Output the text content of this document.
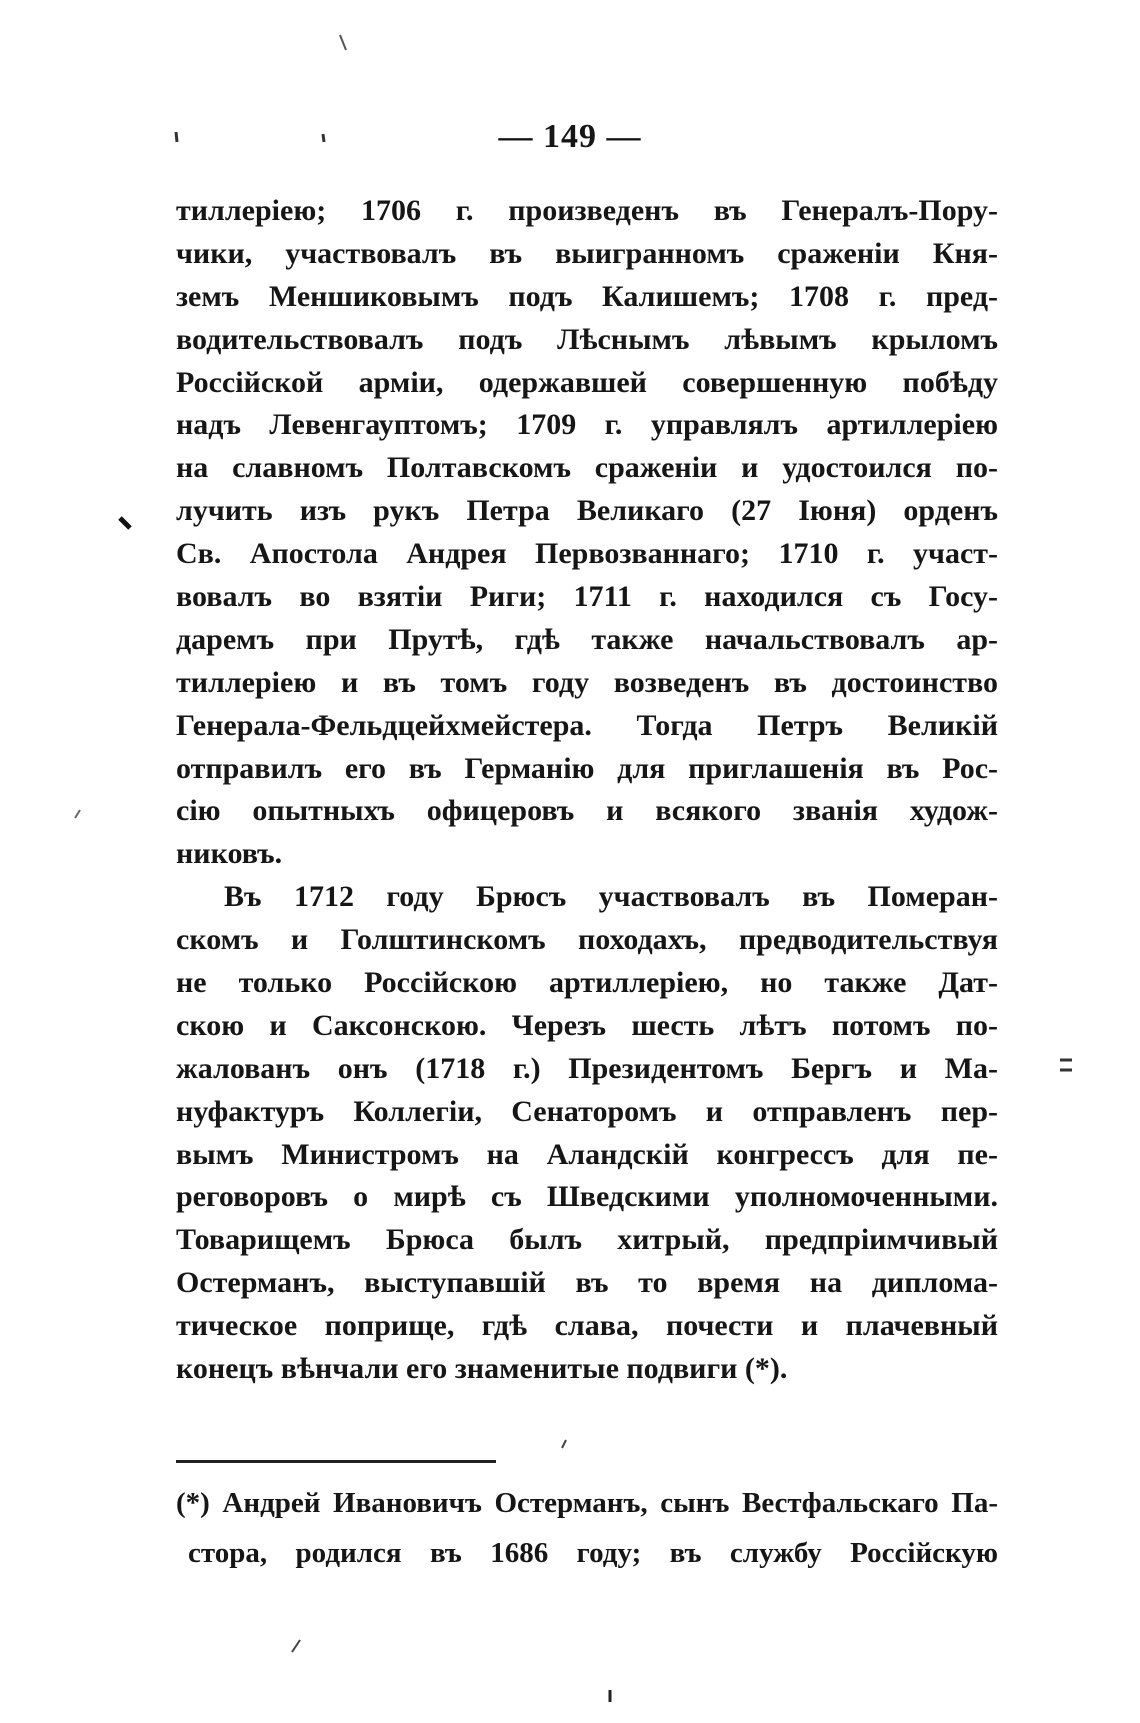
— 149 —
тиллеріею; 1706 г. произведенъ въ Генералъ-Пору-
чики, участвовалъ въ выигранномъ сраженіи Кня-
земъ Меншиковымъ подъ Калишемъ; 1708 г. пред-
водительствовалъ подъ Лѣснымъ лѣвымъ крыломъ
Россійской арміи, одержавшей совершенную побѣду
надъ Левенгауптомъ; 1709 г. управлялъ артиллеріею
на славномъ Полтавскомъ сраженіи и удостоился по-
лучить изъ рукъ Петра Великаго (27 Іюня) орденъ
Св. Апостола Андрея Первозваннаго; 1710 г. участ-
вовалъ во взятіи Риги; 1711 г. находился съ Госу-
даремъ при Прутѣ, гдѣ также начальствовалъ ар-
тиллеріею и въ томъ году возведенъ въ достоинство
Генерала-Фельдцейхмейстера. Тогда Петръ Великій
отправилъ его въ Германію для приглашенія въ Рос-
сію опытныхъ офицеровъ и всякого званія худож-
никовъ.
Въ 1712 году Брюсъ участвовалъ въ Померан-
скомъ и Голштинскомъ походахъ, предводительствуя
не только Россійскою артиллеріею, но также Дат-
скою и Саксонскою. Черезъ шесть лѣтъ потомъ по-
жалованъ онъ (1718 г.) Президентомъ Бергъ и Ма-
нуфактуръ Коллегіи, Сенаторомъ и отправленъ пер-
вымъ Министромъ на Аландскій конгрессъ для пе-
реговоровъ о мирѣ съ Шведскими уполномоченными.
Товарищемъ Брюса былъ хитрый, предпріимчивый
Остерманъ, выступавшій въ то время на диплома-
тическое поприще, гдѣ слава, почести и плачевный
конецъ вѣнчали его знаменитые подвиги (*).
(*) Андрей Ивановичъ Остерманъ, сынъ Вестфальскаго Па-
стора, родился въ 1686 году; въ службу Россійскую
